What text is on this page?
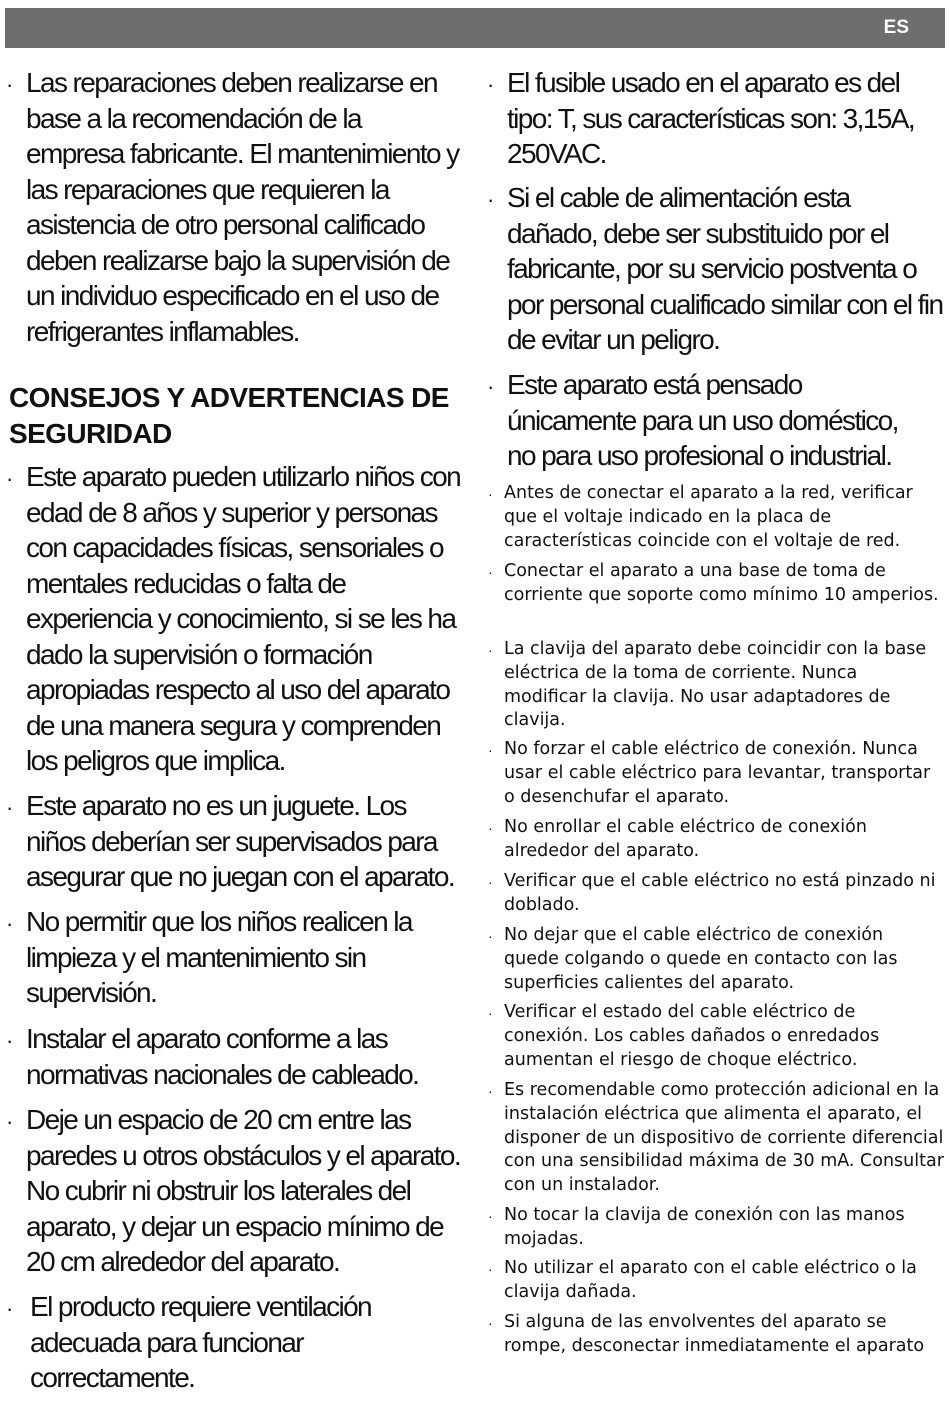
ES

· Las reparaciones deben realizarse en base a la recomendación de la empresa fabricante. El mantenimiento y las reparaciones que requieren la asistencia de otro personal calificado deben realizarse bajo la supervisión de un individuo especificado en el uso de refrigerantes inflamables.

CONSEJOS Y ADVERTENCIAS DE SEGURIDAD

· Este aparato pueden utilizarlo niños con edad de 8 años y superior y personas con capacidades físicas, sensoriales o mentales reducidas o falta de experiencia y conocimiento, si se les ha dado la supervisión o formación apropiadas respecto al uso del aparato de una manera segura y comprenden los peligros que implica.

· Este aparato no es un juguete. Los niños deberían ser supervisados para asegurar que no juegan con el aparato.

· No permitir que los niños realicen la limpieza y el mantenimiento sin supervisión.

· Instalar el aparato conforme a las normativas nacionales de cableado.

· Deje un espacio de 20 cm entre las paredes u otros obstáculos y el aparato. No cubrir ni obstruir los laterales del aparato, y dejar un espacio mínimo de 20 cm alrededor del aparato.

· El producto requiere ventilación adecuada para funcionar correctamente.

· El fusible usado en el aparato es del tipo: T, sus características son: 3,15A, 250VAC.

· Si el cable de alimentación esta dañado, debe ser substituido por el fabricante, por su servicio postventa o por personal cualificado similar con el fin de evitar un peligro.

· Este aparato está pensado únicamente para un uso doméstico, no para uso profesional o industrial.

· Antes de conectar el aparato a la red, verificar que el voltaje indicado en la placa de características coincide con el voltaje de red.

· Conectar el aparato a una base de toma de corriente que soporte como mínimo 10 amperios.

· La clavija del aparato debe coincidir con la base eléctrica de la toma de corriente. Nunca modificar la clavija. No usar adaptadores de clavija.

· No forzar el cable eléctrico de conexión. Nunca usar el cable eléctrico para levantar, transportar o desenchufar el aparato.

· No enrollar el cable eléctrico de conexión alrededor del aparato.

· Verificar que el cable eléctrico no está pinzado ni doblado.

· No dejar que el cable eléctrico de conexión quede colgando o quede en contacto con las superficies calientes del aparato.

· Verificar el estado del cable eléctrico de conexión. Los cables dañados o enredados aumentan el riesgo de choque eléctrico.

· Es recomendable como protección adicional en la instalación eléctrica que alimenta el aparato, el disponer de un dispositivo de corriente diferencial con una sensibilidad máxima de 30 mA. Consultar con un instalador.

· No tocar la clavija de conexión con las manos mojadas.

· No utilizar el aparato con el cable eléctrico o la clavija dañada.

· Si alguna de las envolventes del aparato se rompe, desconectar inmediatamente el aparato
